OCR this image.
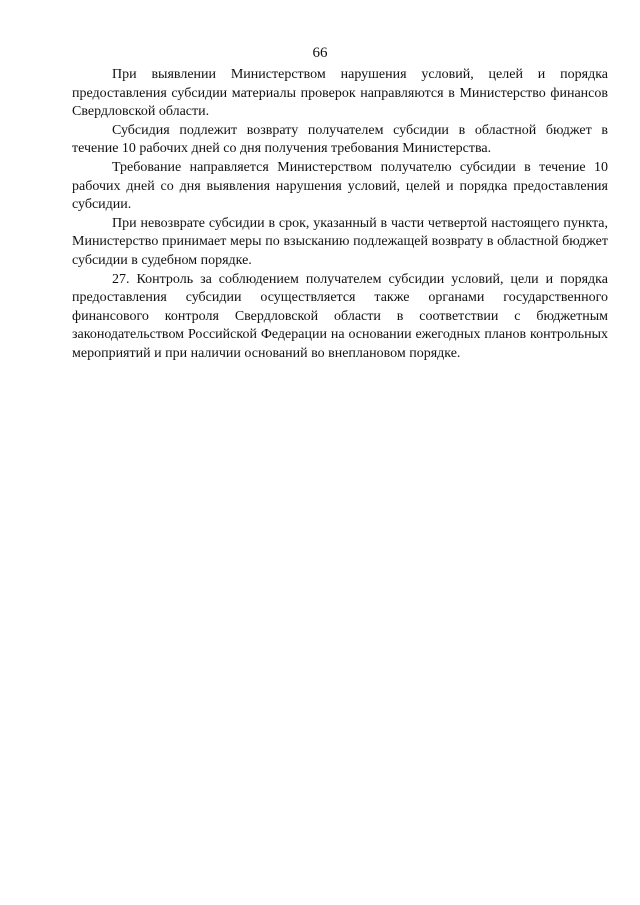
66

При выявлении Министерством нарушения условий, целей и порядка предоставления субсидии материалы проверок направляются в Министерство финансов Свердловской области.

Субсидия подлежит возврату получателем субсидии в областной бюджет в течение 10 рабочих дней со дня получения требования Министерства.

Требование направляется Министерством получателю субсидии в течение 10 рабочих дней со дня выявления нарушения условий, целей и порядка предоставления субсидии.

При невозврате субсидии в срок, указанный в части четвертой настоящего пункта, Министерство принимает меры по взысканию подлежащей возврату в областной бюджет субсидии в судебном порядке.

27. Контроль за соблюдением получателем субсидии условий, цели и порядка предоставления субсидии осуществляется также органами государственного финансового контроля Свердловской области в соответствии с бюджетным законодательством Российской Федерации на основании ежегодных планов контрольных мероприятий и при наличии оснований во внеплановом порядке.
